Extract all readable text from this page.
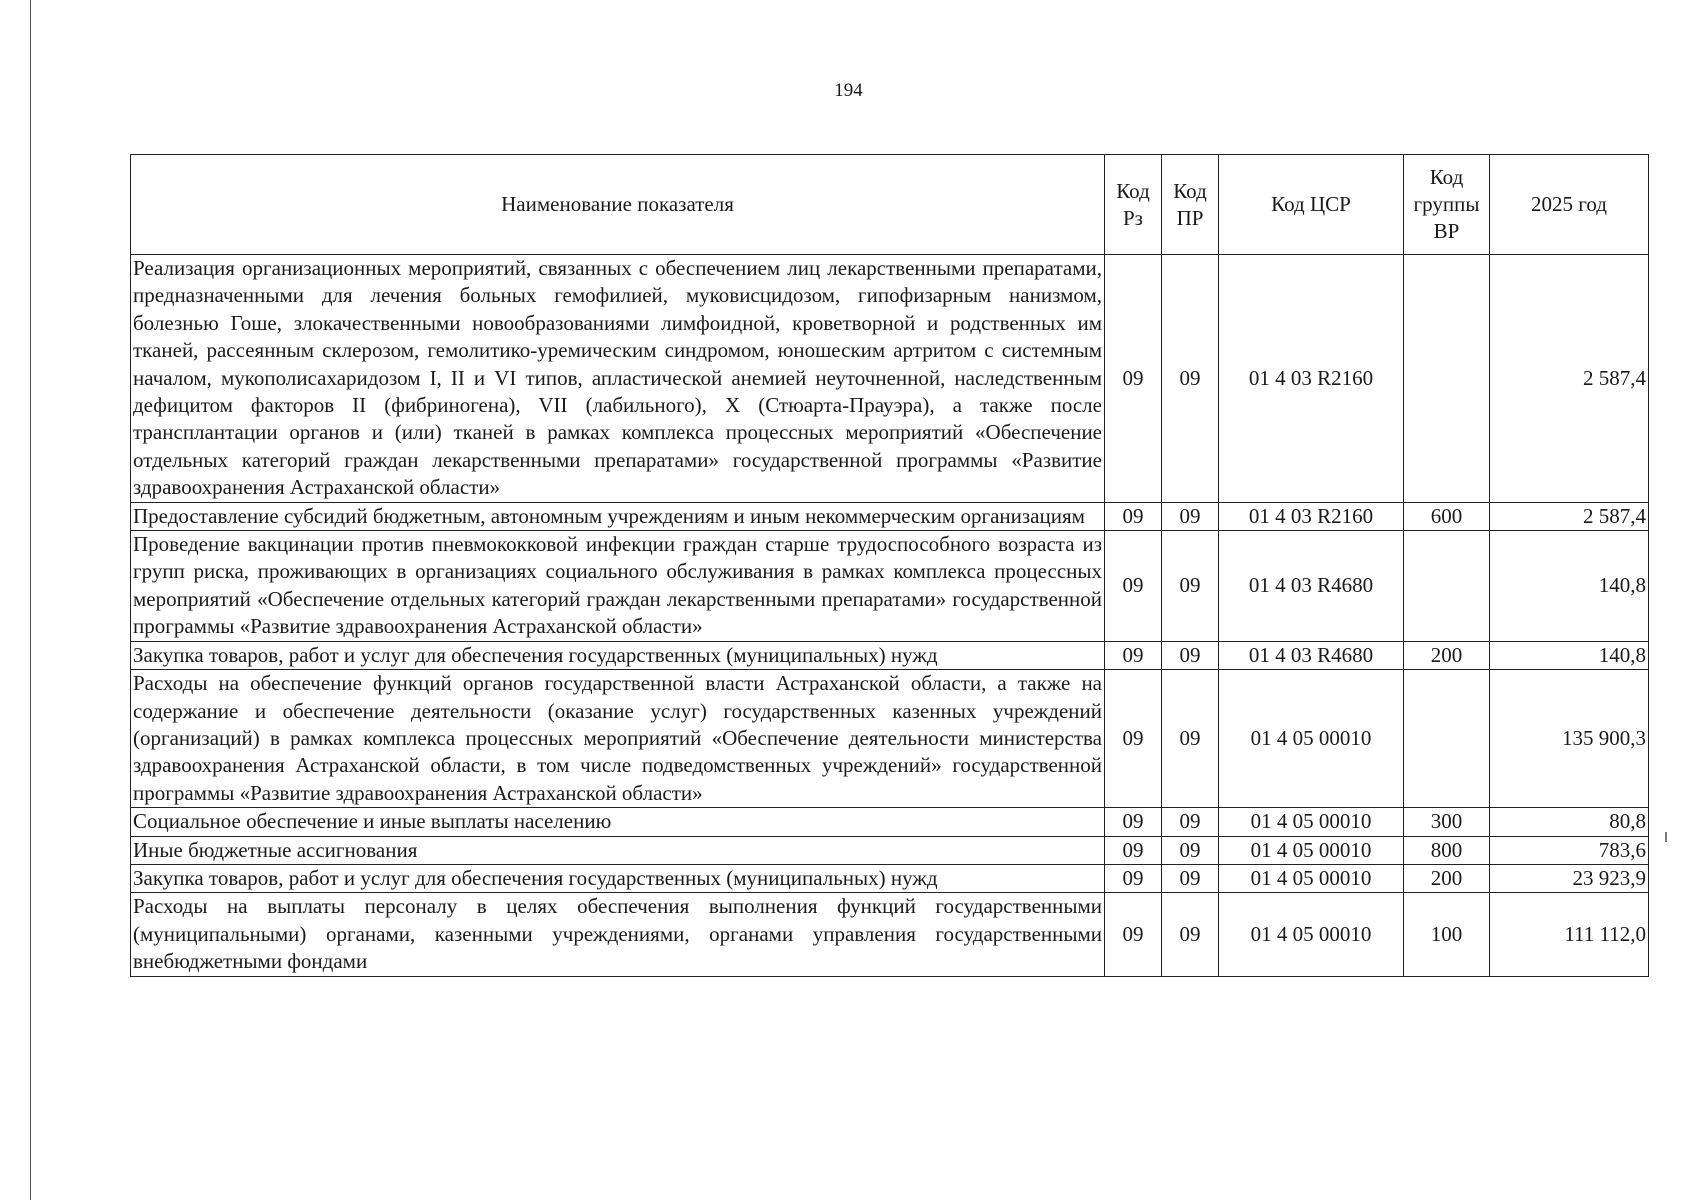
194
Наименование показателя	Код Рз	Код ПР	Код ЦСР	Код группы ВР	2025 год
Реализация организационных мероприятий, связанных с обеспечением лиц лекарственными препаратами, предназначенными для лечения больных гемофилией, муковисцидозом, гипофизарным нанизмом, болезнью Гоше, злокачественными новообразованиями лимфоидной, кроветворной и родственных им тканей, рассеянным склерозом, гемолитико-уремическим синдромом, юношеским артритом с системным началом, мукополисахаридозом I, II и VI типов, апластической анемией неуточненной, наследственным дефицитом факторов II (фибриногена), VII (лабильного), X (Стюарта-Прауэра), а также после трансплантации органов и (или) тканей в рамках комплекса процессных мероприятий «Обеспечение отдельных категорий граждан лекарственными препаратами» государственной программы «Развитие здравоохранения Астраханской области»	09	09	01 4 03 R2160		2 587,4
Предоставление субсидий бюджетным, автономным учреждениям и иным некоммерческим организациям	09	09	01 4 03 R2160	600	2 587,4
Проведение вакцинации против пневмококковой инфекции граждан старше трудоспособного возраста из групп риска, проживающих в организациях социального обслуживания в рамках комплекса процессных мероприятий «Обеспечение отдельных категорий граждан лекарственными препаратами» государственной программы «Развитие здравоохранения Астраханской области»	09	09	01 4 03 R4680		140,8
Закупка товаров, работ и услуг для обеспечения государственных (муниципальных) нужд	09	09	01 4 03 R4680	200	140,8
Расходы на обеспечение функций органов государственной власти Астраханской области, а также на содержание и обеспечение деятельности (оказание услуг) государственных казенных учреждений (организаций) в рамках комплекса процессных мероприятий «Обеспечение деятельности министерства здравоохранения Астраханской области, в том числе подведомственных учреждений» государственной программы «Развитие здравоохранения Астраханской области»	09	09	01 4 05 00010		135 900,3
Социальное обеспечение и иные выплаты населению	09	09	01 4 05 00010	300	80,8
Иные бюджетные ассигнования	09	09	01 4 05 00010	800	783,6
Закупка товаров, работ и услуг для обеспечения государственных (муниципальных) нужд	09	09	01 4 05 00010	200	23 923,9
Расходы на выплаты персоналу в целях обеспечения выполнения функций государственными (муниципальными) органами, казенными учреждениями, органами управления государственными внебюджетными фондами	09	09	01 4 05 00010	100	111 112,0
